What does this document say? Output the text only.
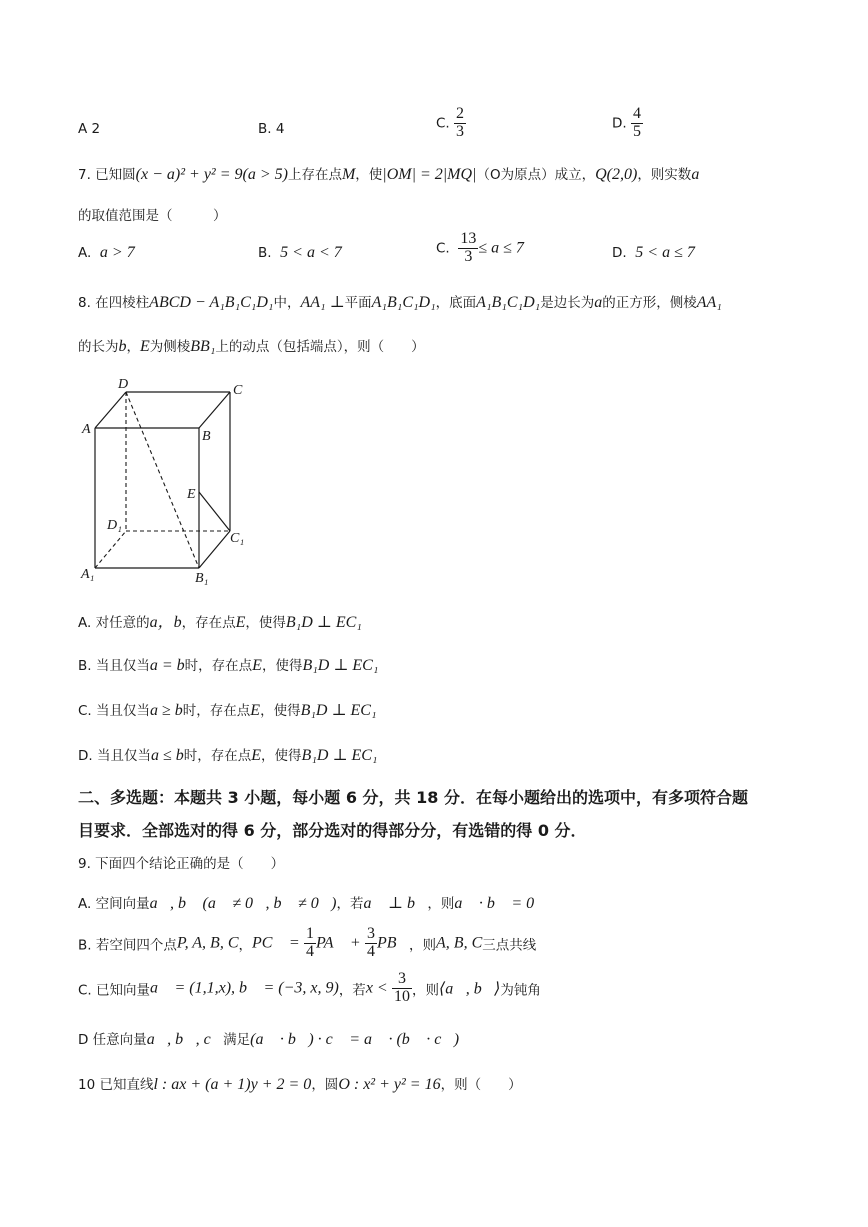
A 2	B. 4	C. $\frac{2}{3}$	D. $\frac{4}{5}$
7. 已知圆(x − a)² + y² = 9(a > 5)上存在点M，使|OM| = 2|MQ|（O为原点）成立，Q(2,0)，则实数a
的取值范围是（　　　）
A. a > 7	B. 5 < a < 7	C. $\frac{13}{3} \le a \le 7$	D. 5 < a ≤ 7
8. 在四棱柱ABCD − A₁B₁C₁D₁中，AA₁ ⊥平面A₁B₁C₁D₁，底面A₁B₁C₁D₁是边长为a的正方形，侧棱AA₁
的长为b，E为侧棱BB₁上的动点（包括端点），则（　　）
D	C
A	B
E
D₁
C₁
A₁	B₁
A. 对任意的a，b，存在点E，使得B₁D ⊥ EC₁
B. 当且仅当a = b时，存在点E，使得B₁D ⊥ EC₁
C. 当且仅当a ≥ b时，存在点E，使得B₁D ⊥ EC₁
D. 当且仅当a ≤ b时，存在点E，使得B₁D ⊥ EC₁
二、多选题：本题共 3 小题，每小题 6 分，共 18 分．在每小题给出的选项中，有多项符合题
目要求．全部选对的得 6 分，部分选对的得部分分，有选错的得 0 分．
9. 下面四个结论正确的是（　　）
A. 空间向量a⃗, b⃗ (a⃗ ≠ 0⃗, b⃗ ≠ 0⃗)，若a⃗ ⊥ b⃗，则a⃗ · b⃗ = 0
B. 若空间四个点P, A, B, C，PC⃗ = $\frac{1}{4}$ PA⃗ + $\frac{3}{4}$ PB⃗，则A, B, C三点共线
C. 已知向量a⃗ = (1,1,x), b⃗ = (−3, x, 9)，若$x < \frac{3}{10}$ ，则⟨a⃗, b⃗⟩为钝角
D 任意向量a⃗, b⃗, c⃗满足(a⃗ · b⃗) · c⃗ = a⃗ · (b⃗ · c⃗)
10 已知直线l : ax + (a + 1)y + 2 = 0，圆O : x² + y² = 16，则（　　）
